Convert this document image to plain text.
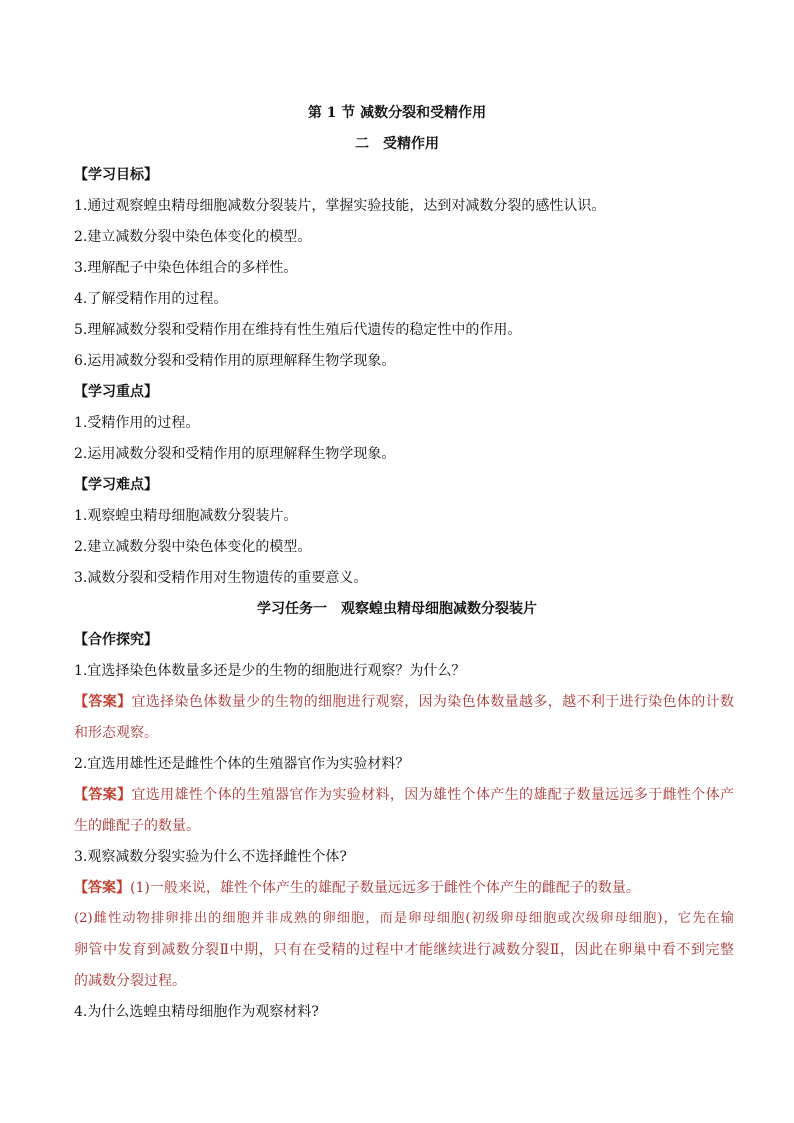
第 1 节 减数分裂和受精作用
二　受精作用
【学习目标】
1.通过观察蝗虫精母细胞减数分裂装片，掌握实验技能，达到对减数分裂的感性认识。
2.建立减数分裂中染色体变化的模型。
3.理解配子中染色体组合的多样性。
4.了解受精作用的过程。
5.理解减数分裂和受精作用在维持有性生殖后代遗传的稳定性中的作用。
6.运用减数分裂和受精作用的原理解释生物学现象。
【学习重点】
1.受精作用的过程。
2.运用减数分裂和受精作用的原理解释生物学现象。
【学习难点】
1.观察蝗虫精母细胞减数分裂装片。
2.建立减数分裂中染色体变化的模型。
3.减数分裂和受精作用对生物遗传的重要意义。
学习任务一　观察蝗虫精母细胞减数分裂装片
【合作探究】
1.宜选择染色体数量多还是少的生物的细胞进行观察？为什么？
【答案】宜选择染色体数量少的生物的细胞进行观察，因为染色体数量越多，越不利于进行染色体的计数
和形态观察。
2.宜选用雄性还是雌性个体的生殖器官作为实验材料？
【答案】宜选用雄性个体的生殖器官作为实验材料，因为雄性个体产生的雄配子数量远远多于雌性个体产
生的雌配子的数量。
3.观察减数分裂实验为什么不选择雌性个体?
【答案】(1)一般来说，雄性个体产生的雄配子数量远远多于雌性个体产生的雌配子的数量。
(2)雌性动物排卵排出的细胞并非成熟的卵细胞，而是卵母细胞(初级卵母细胞或次级卵母细胞)，它先在输
卵管中发育到减数分裂Ⅱ中期，只有在受精的过程中才能继续进行减数分裂Ⅱ，因此在卵巢中看不到完整
的减数分裂过程。
4.为什么选蝗虫精母细胞作为观察材料?
